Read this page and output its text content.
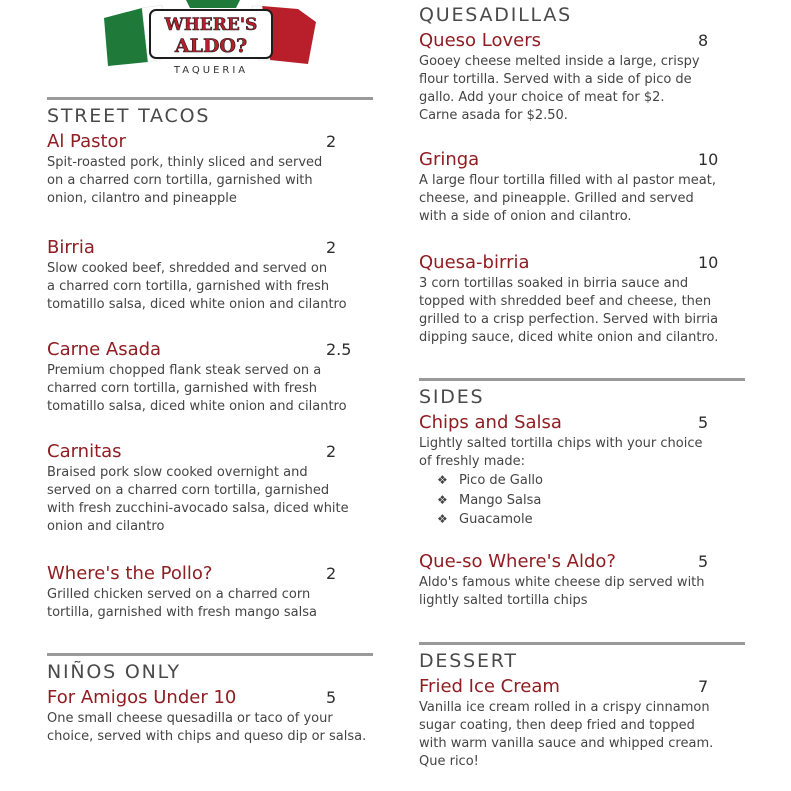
WHERE'S
ALDO?
TAQUERIA
STREET TACOS
Al Pastor	2
Spit-roasted pork, thinly sliced and served
on a charred corn tortilla, garnished with
onion, cilantro and pineapple
Birria	2
Slow cooked beef, shredded and served on
a charred corn tortilla, garnished with fresh
tomatillo salsa, diced white onion and cilantro
Carne Asada	2.5
Premium chopped flank steak served on a
charred corn tortilla, garnished with fresh
tomatillo salsa, diced white onion and cilantro
Carnitas	2
Braised pork slow cooked overnight and
served on a charred corn tortilla, garnished
with fresh zucchini-avocado salsa, diced white
onion and cilantro
Where's the Pollo?	2
Grilled chicken served on a charred corn
tortilla, garnished with fresh mango salsa
NIÑOS ONLY
For Amigos Under 10	5
One small cheese quesadilla or taco of your
choice, served with chips and queso dip or salsa.
QUESADILLAS
Queso Lovers	8
Gooey cheese melted inside a large, crispy
flour tortilla. Served with a side of pico de
gallo. Add your choice of meat for $2.
Carne asada for $2.50.
Gringa	10
A large flour tortilla filled with al pastor meat,
cheese, and pineapple. Grilled and served
with a side of onion and cilantro.
Quesa-birria	10
3 corn tortillas soaked in birria sauce and
topped with shredded beef and cheese, then
grilled to a crisp perfection. Served with birria
dipping sauce, diced white onion and cilantro.
SIDES
Chips and Salsa	5
Lightly salted tortilla chips with your choice
of freshly made:
❖ Pico de Gallo
❖ Mango Salsa
❖ Guacamole
Que-so Where's Aldo?	5
Aldo's famous white cheese dip served with
lightly salted tortilla chips
DESSERT
Fried Ice Cream	7
Vanilla ice cream rolled in a crispy cinnamon
sugar coating, then deep fried and topped
with warm vanilla sauce and whipped cream.
Que rico!
